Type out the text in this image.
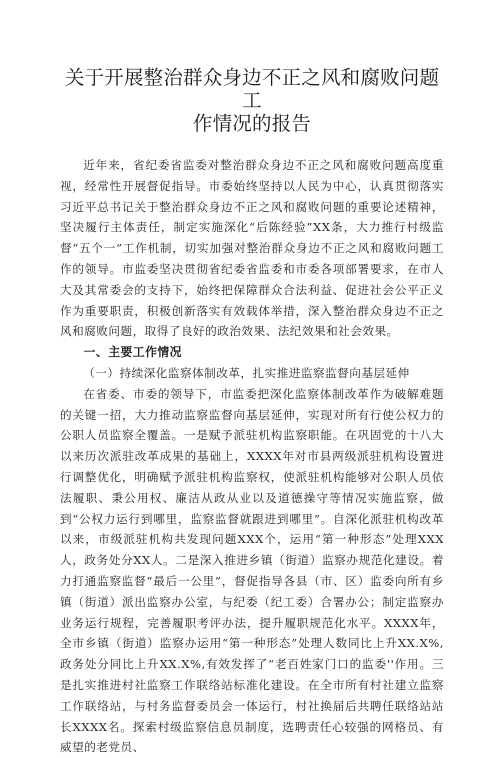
关于开展整治群众身边不正之风和腐败问题工
作情况的报告

近年来，省纪委省监委对整治群众身边不正之风和腐败问题高度重视，经常性开展督促指导。市委始终坚持以人民为中心，认真贯彻落实习近平总书记关于整治群众身边不正之风和腐败问题的重要论述精神，坚决履行主体责任，制定实施深化“后陈经验”XX条，大力推行村级监督“五个一”工作机制，切实加强对整治群众身边不正之风和腐败问题工作的领导。市监委坚决贯彻省纪委省监委和市委各项部署要求，在市人大及其常委会的支持下，始终把保障群众合法利益、促进社会公平正义作为重要职责，积极创新落实有效载体举措，深入整治群众身边不正之风和腐败问题，取得了良好的政治效果、法纪效果和社会效果。

一、主要工作情况
（一）持续深化监察体制改革，扎实推进监察监督向基层延伸

在省委、市委的领导下，市监委把深化监察体制改革作为破解难题的关键一招，大力推动监察监督向基层延伸，实现对所有行使公权力的公职人员监察全覆盖。一是赋予派驻机构监察职能。在巩固党的十八大以来历次派驻改革成果的基础上，XXXX年对市县两级派驻机构设置进行调整优化，明确赋予派驻机构监察权，使派驻机构能够对公职人员依法履职、秉公用权、廉洁从政从业以及道德操守等情况实施监察，做到“公权力运行到哪里，监察监督就跟进到哪里”。自深化派驻机构改革以来，市级派驻机构共发现问题XXX个，运用“第一种形态”处理XXX人，政务处分XX人。二是深入推进乡镇（街道）监察办规范化建设。着力打通监察监督“最后一公里”，督促指导各县（市、区）监委向所有乡镇（街道）派出监察办公室，与纪委（纪工委）合署办公；制定监察办业务运行规程，完善履职考评办法，提升履职规范化水平。XXXX年，全市乡镇（街道）监察办运用“第一种形态”处理人数同比上升XX.X%,政务处分同比上升XX.X%,有效发挥了“老百姓家门口的监委''作用。三是扎实推进村社监察工作联络站标准化建设。在全市所有村社建立监察工作联络站，与村务监督委员会一体运行，村社换届后共聘任联络站站长XXXX名。探索村级监察信息员制度，选聘责任心较强的网格员、有威望的老党员、
